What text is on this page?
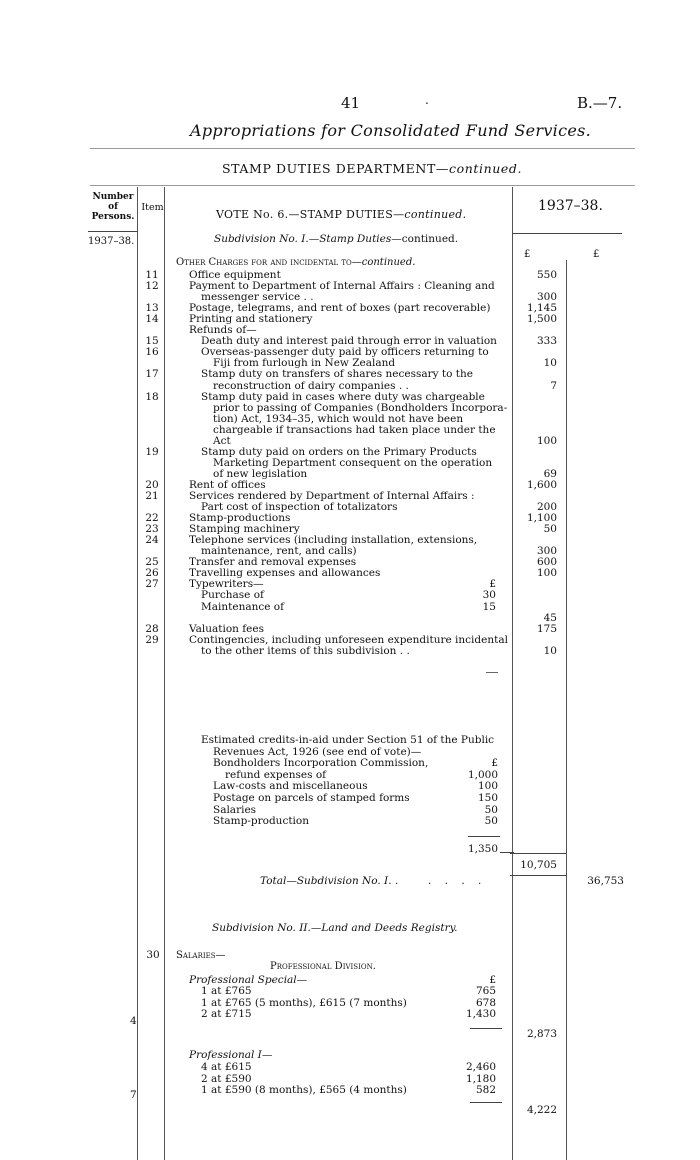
41	.	B.—7.
Appropriations for Consolidated Fund Services.
STAMP DUTIES DEPARTMENT—continued.
Number
of
Persons.
Item
1937–38.
1937–38.
£	£
VOTE No. 6.—STAMP DUTIES—continued.
Subdivision No. I.—Stamp Duties—continued.
Other Charges for and incidental to—continued.
11	Office equipment	550
12	Payment to Department of Internal Affairs : Cleaning and
messenger service . .	300
13	Postage, telegrams, and rent of boxes (part recoverable)	1,145
14	Printing and stationery	1,500
Refunds of—
15	Death duty and interest paid through error in valuation	333
16	Overseas-passenger duty paid by officers returning to
Fiji from furlough in New Zealand	10
17	Stamp duty on transfers of shares necessary to the
reconstruction of dairy companies . .	7
18	Stamp duty paid in cases where duty was chargeable
prior to passing of Companies (Bondholders Incorpora-
tion) Act, 1934–35, which would not have been
chargeable if transactions had taken place under the
Act	100
19	Stamp duty paid on orders on the Primary Products
Marketing Department consequent on the operation
of new legislation	69
20	Rent of offices	1,600
21	Services rendered by Department of Internal Affairs :
Part cost of inspection of totalizators	200
22	Stamp-productions	1,100
23	Stamping machinery	50
24	Telephone services (including installation, extensions,
maintenance, rent, and calls)	300
25	Transfer and removal expenses	600
26	Travelling expenses and allowances	100
27	Typewriters—	£
Purchase of	30
Maintenance of	15
45
28	Valuation fees	175
29	Contingencies, including unforeseen expenditure incidental
to the other items of this subdivision . .	10
Estimated credits-in-aid under Section 51 of the Public
Revenues Act, 1926 (see end of vote)—
Bondholders Incorporation Commission,	£
refund expenses of	1,000
Law-costs and miscellaneous	100
Postage on parcels of stamped forms	150
Salaries	50
Stamp-production	50
1,350
10,705
Total—Subdivision No. I. .	. . . .	36,753
Subdivision No. II.—Land and Deeds Registry.
30 Salaries—
Professional Division.
Professional Special—	£
1 at £765	765
1 at £765 (5 months), £615 (7 months)	678
2 at £715	1,430
4
2,873
Professional I—
4 at £615	2,460
2 at £590	1,180
1 at £590 (8 months), £565 (4 months)	582
7
4,222
